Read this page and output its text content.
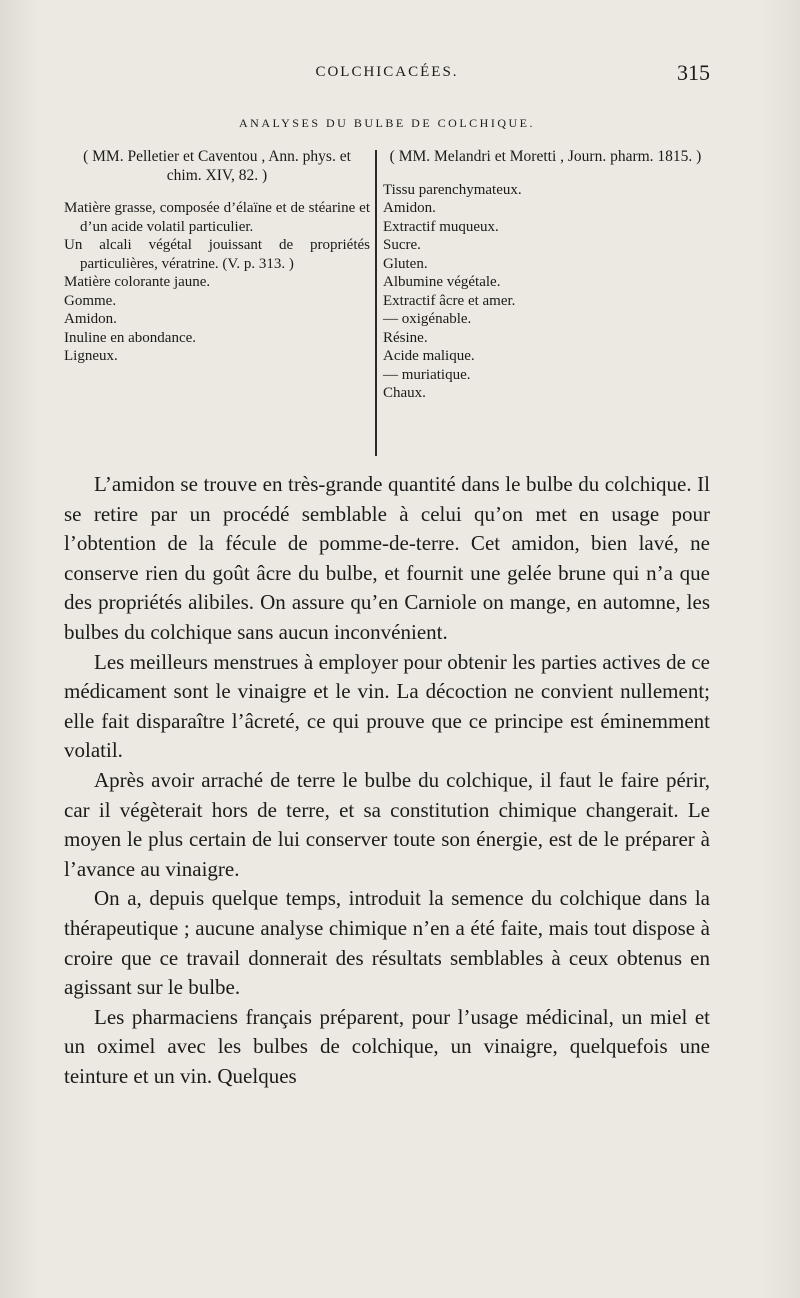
COLCHICACÉES.	315
ANALYSES DU BULBE DE COLCHIQUE.
( MM. Pelletier et Caventou , Ann. phys. et chim. XIV, 82. )

Matière grasse, composée d’élaïne et de stéarine et d’un acide volatil particulier.

Un alcali végétal jouissant de propriétés particulières, vératrine. (V. p. 313. )

Matière colorante jaune.

Gomme.

Amidon.

Inuline en abondance.

Ligneux.

( MM. Melandri et Moretti , Journ. pharm. 1815. )

Tissu parenchymateux.

Amidon.

Extractif muqueux.

Sucre.

Gluten.

Albumine végétale.

Extractif âcre et amer.

— oxigénable.

Résine.

Acide malique.

— muriatique.

Chaux.

L’amidon se trouve en très-grande quantité dans le bulbe du colchique. Il se retire par un procédé semblable à celui qu’on met en usage pour l’obtention de la fécule de pomme-de-terre. Cet amidon, bien lavé, ne conserve rien du goût âcre du bulbe, et fournit une gelée brune qui n’a que des propriétés alibiles. On assure qu’en Carniole on mange, en automne, les bulbes du colchique sans aucun inconvénient.

Les meilleurs menstrues à employer pour obtenir les parties actives de ce médicament sont le vinaigre et le vin. La décoction ne convient nullement; elle fait disparaître l’âcreté, ce qui prouve que ce principe est éminemment volatil.

Après avoir arraché de terre le bulbe du colchique, il faut le faire périr, car il végèterait hors de terre, et sa constitution chimique changerait. Le moyen le plus certain de lui conserver toute son énergie, est de le préparer à l’avance au vinaigre.

On a, depuis quelque temps, introduit la semence du colchique dans la thérapeutique ; aucune analyse chimique n’en a été faite, mais tout dispose à croire que ce travail donnerait des résultats semblables à ceux obtenus en agissant sur le bulbe.

Les pharmaciens français préparent, pour l’usage médicinal, un miel et un oximel avec les bulbes de colchique, un vinaigre, quelquefois une teinture et un vin. Quelques
